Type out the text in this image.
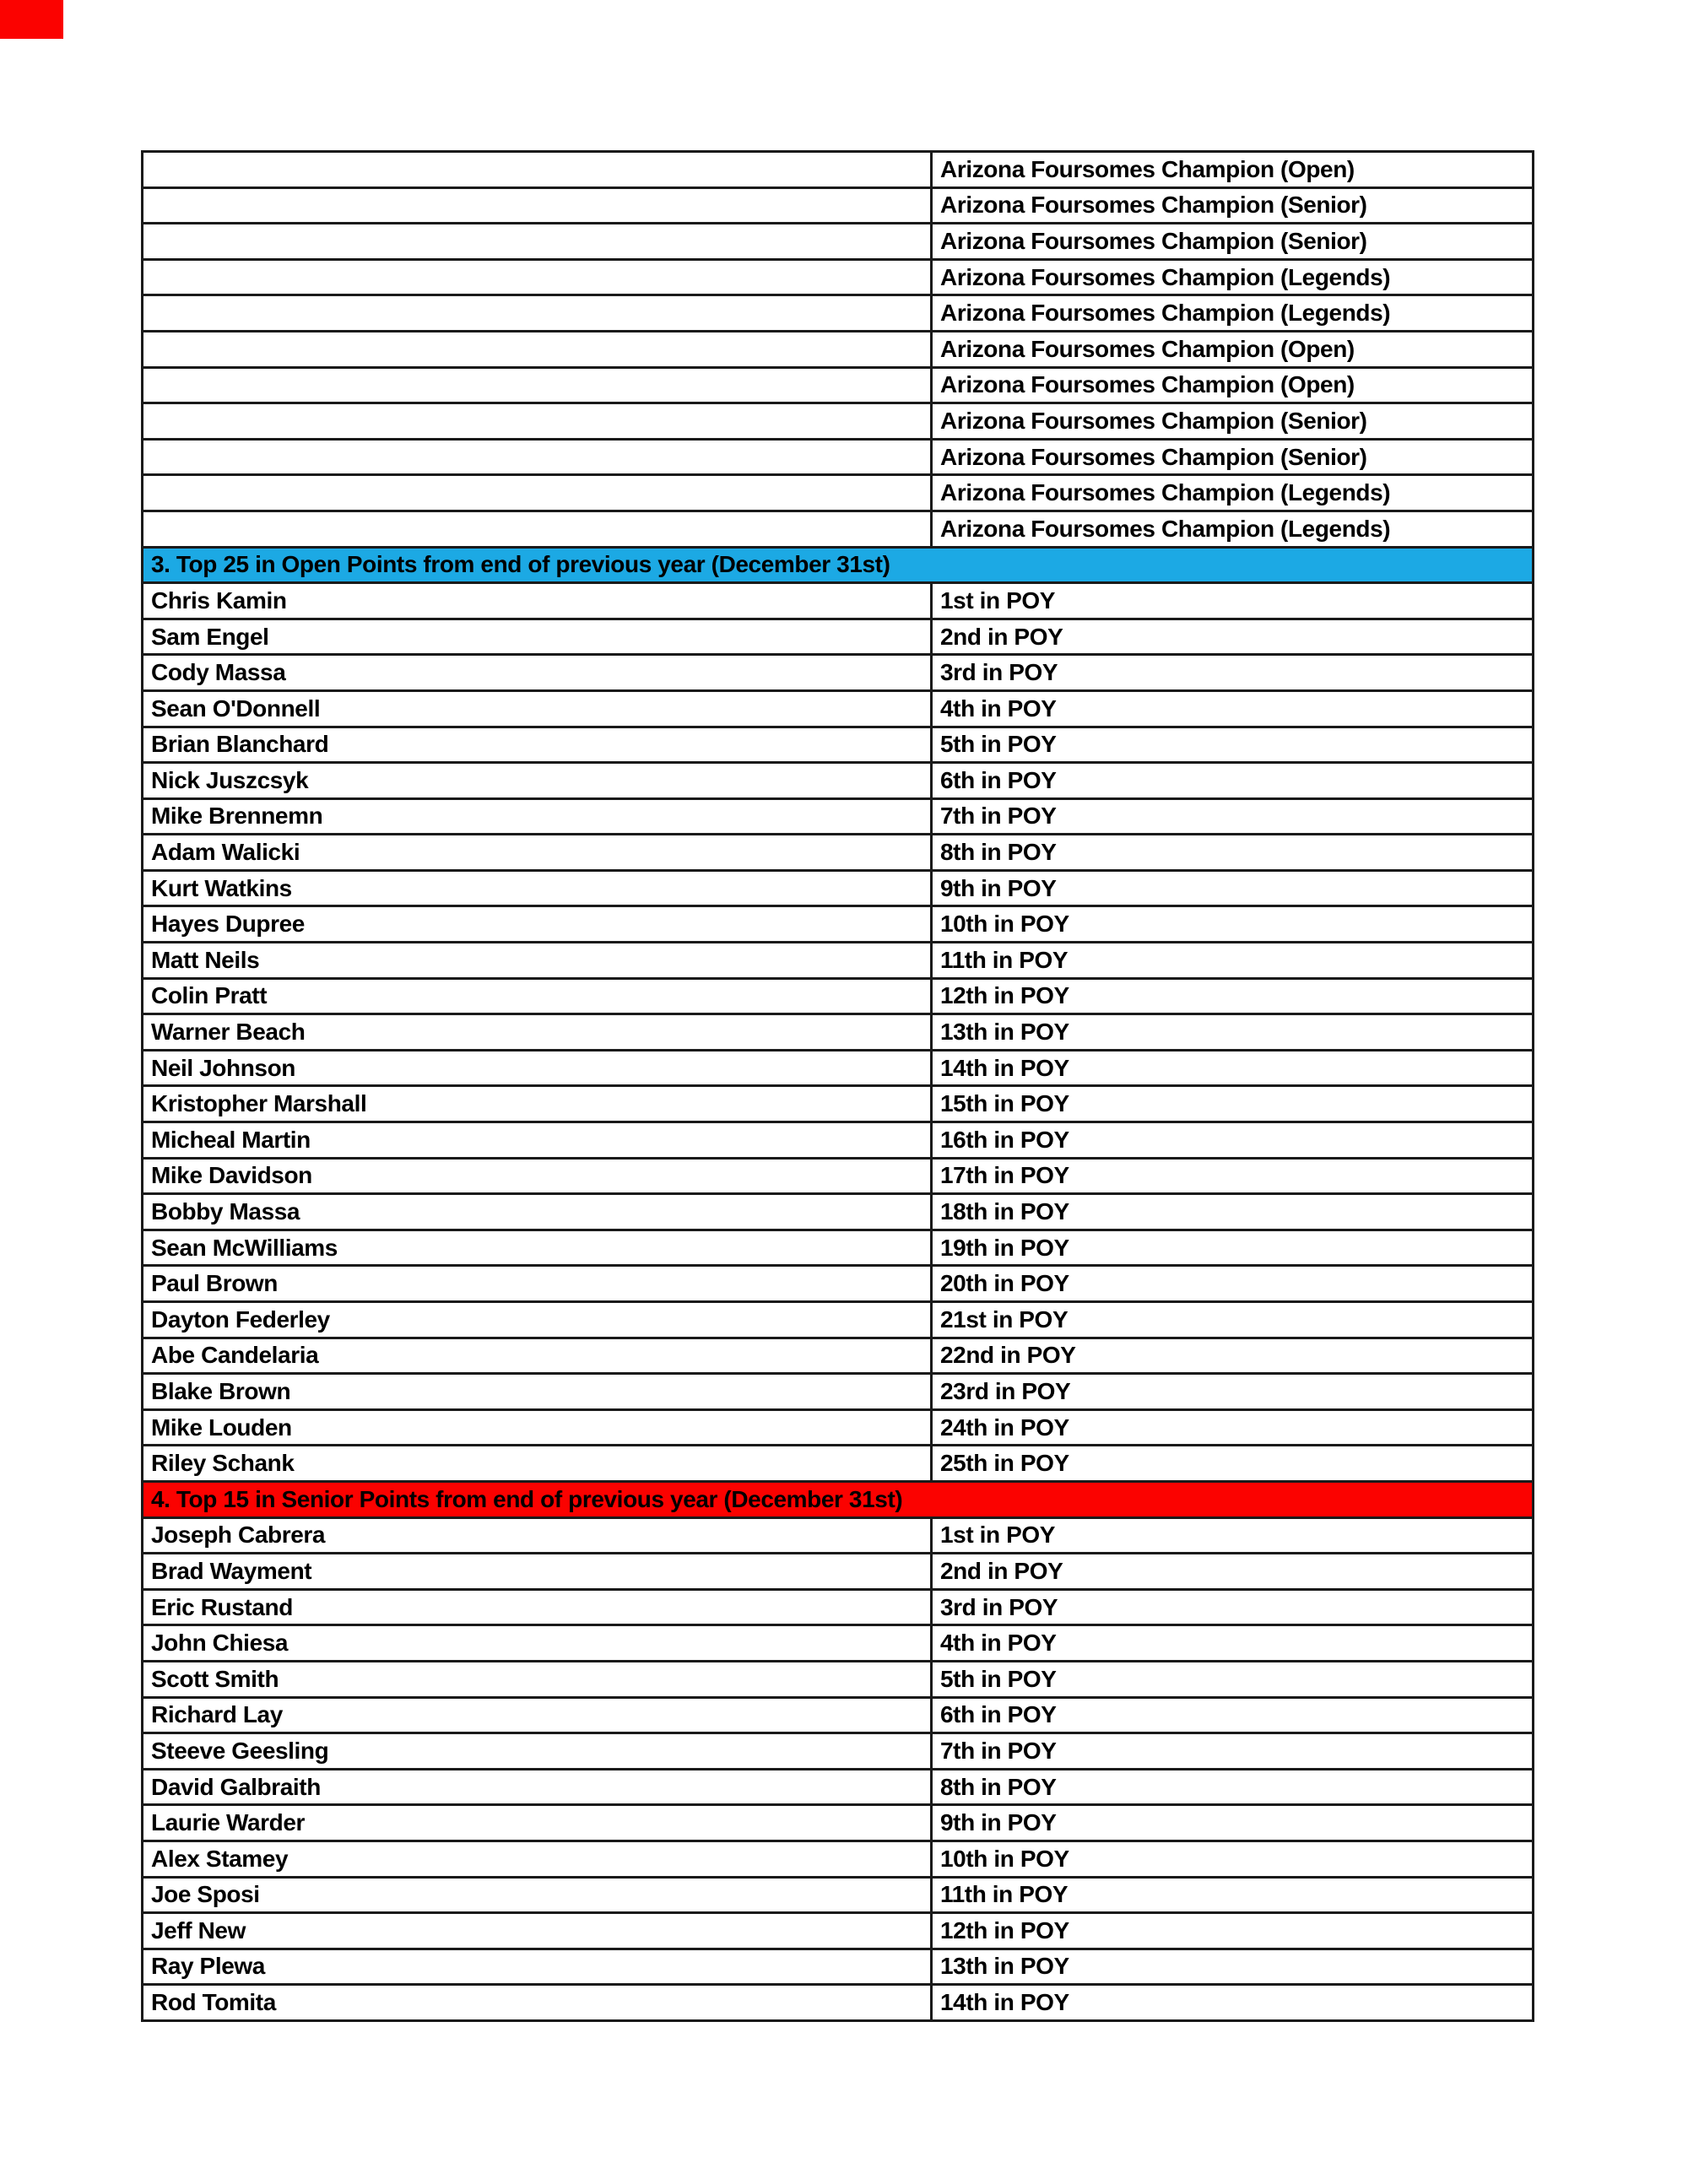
	Arizona Foursomes Champion (Open)
	Arizona Foursomes Champion (Senior)
	Arizona Foursomes Champion (Senior)
	Arizona Foursomes Champion (Legends)
	Arizona Foursomes Champion (Legends)
	Arizona Foursomes Champion (Open)
	Arizona Foursomes Champion (Open)
	Arizona Foursomes Champion (Senior)
	Arizona Foursomes Champion (Senior)
	Arizona Foursomes Champion (Legends)
	Arizona Foursomes Champion (Legends)
3. Top 25 in Open Points from end of previous year (December 31st)	
Chris Kamin	1st in POY
Sam Engel	2nd in POY
Cody Massa	3rd in POY
Sean O'Donnell	4th in POY
Brian Blanchard	5th in POY
Nick Juszcsyk	6th in POY
Mike Brennemn	7th in POY
Adam Walicki	8th in POY
Kurt Watkins	9th in POY
Hayes Dupree	10th in POY
Matt Neils	11th in POY
Colin Pratt	12th in POY
Warner Beach	13th in POY
Neil Johnson	14th in POY
Kristopher Marshall	15th in POY
Micheal Martin	16th in POY
Mike Davidson	17th in POY
Bobby Massa	18th in POY
Sean McWilliams	19th in POY
Paul Brown	20th in POY
Dayton Federley	21st in POY
Abe Candelaria	22nd in POY
Blake Brown	23rd in POY
Mike Louden	24th in POY
Riley Schank	25th in POY
4. Top 15 in Senior Points from end of previous year (December 31st)	
Joseph Cabrera	1st in POY
Brad Wayment	2nd in POY
Eric Rustand	3rd in POY
John Chiesa	4th in POY
Scott Smith	5th in POY
Richard Lay	6th in POY
Steeve Geesling	7th in POY
David Galbraith	8th in POY
Laurie Warder	9th in POY
Alex Stamey	10th in POY
Joe Sposi	11th in POY
Jeff New	12th in POY
Ray Plewa	13th in POY
Rod Tomita	14th in POY
